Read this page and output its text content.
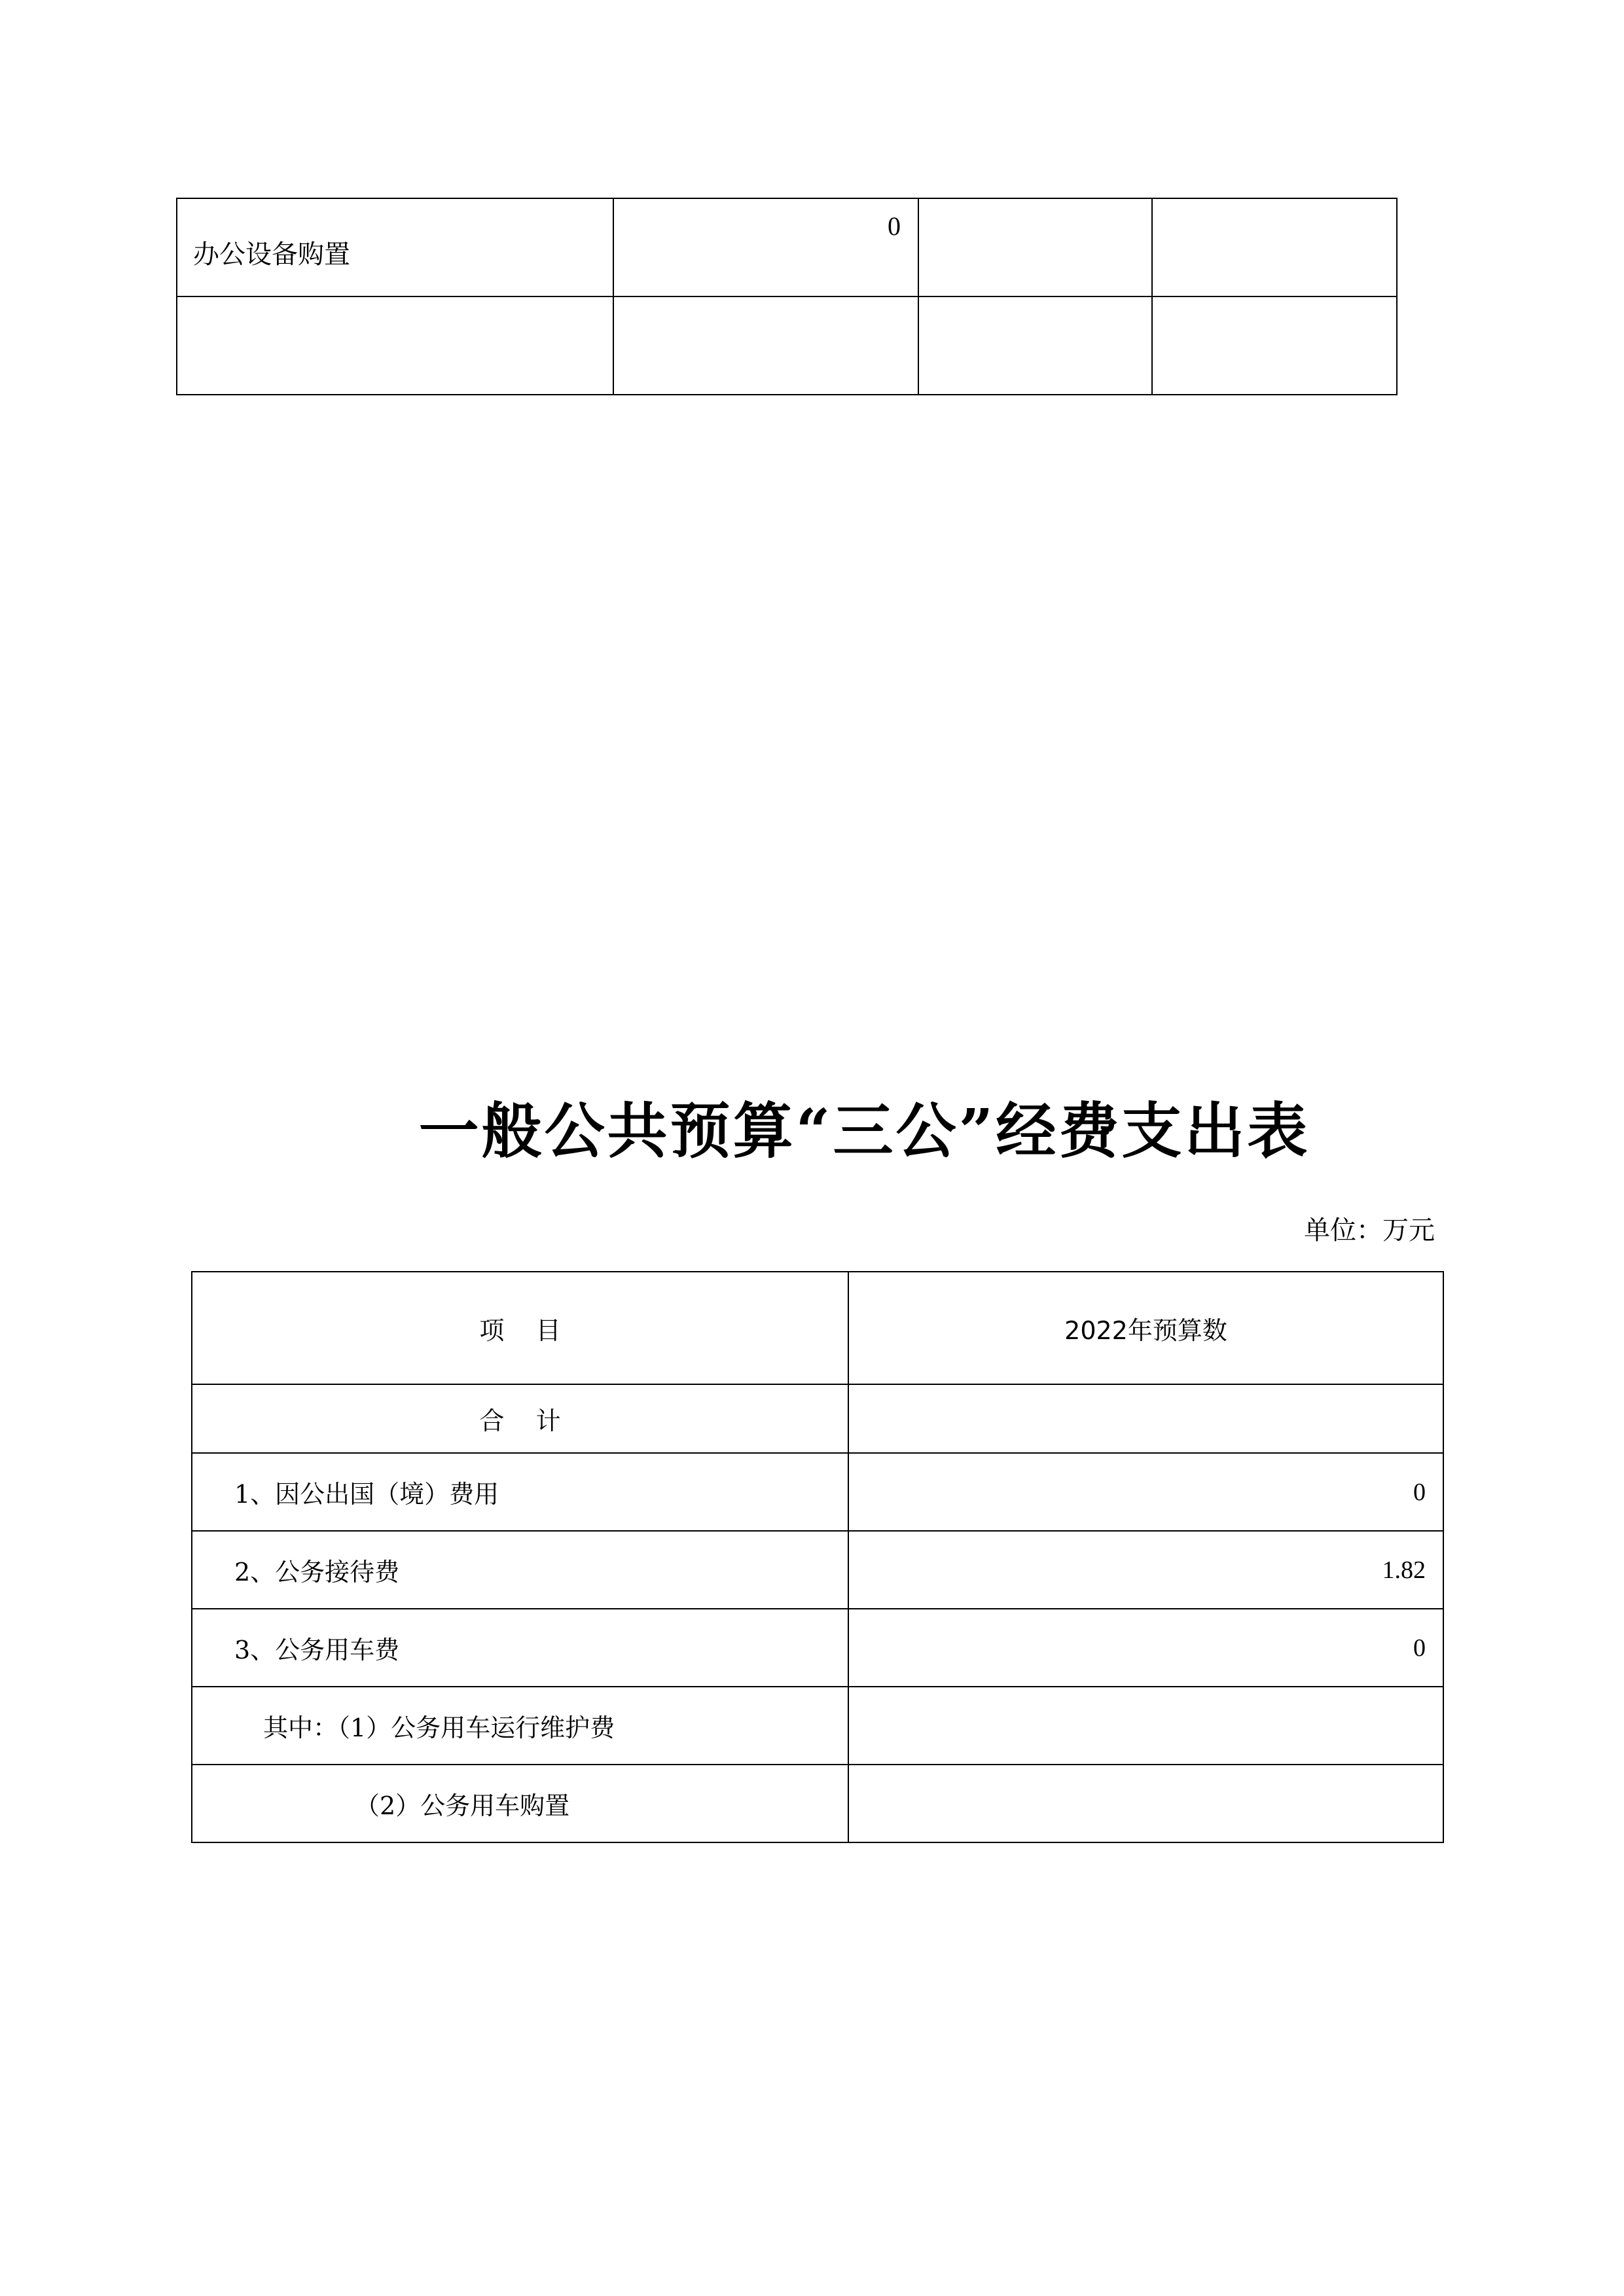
办公设备购置	0		

一般公共预算“三公”经费支出表
单位：万元
项    目	2022年预算数
合    计	
1、因公出国（境）费用	0
2、公务接待费	1.82
3、公务用车费	0
其中：（1）公务用车运行维护费	
（2）公务用车购置	
